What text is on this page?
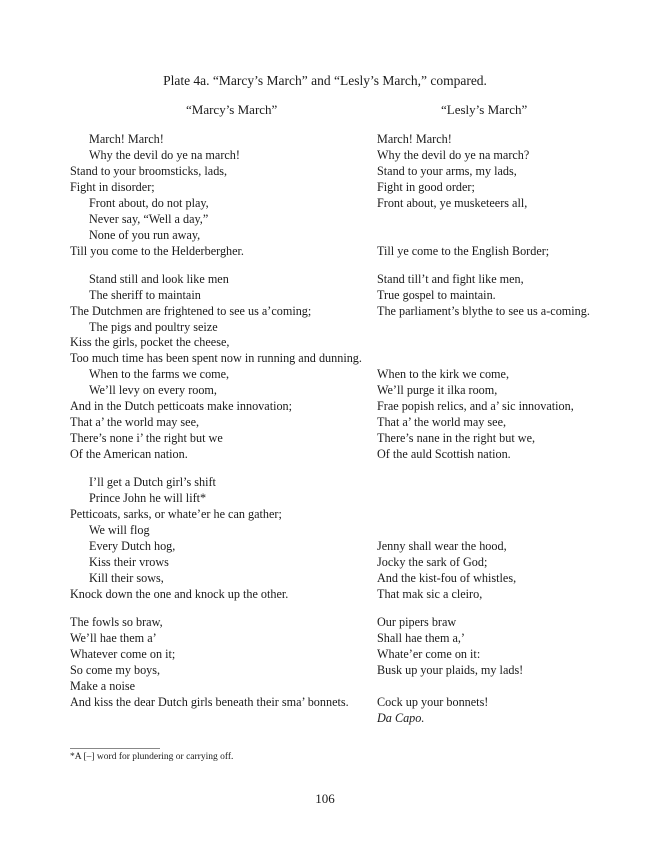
Plate 4a. “Marcy’s March” and “Lesly’s March,” compared.
“Marcy’s March”	“Lesly’s March”
March! March!
Why the devil do ye na march!
Stand to your broomsticks, lads,
Fight in disorder;
Front about, do not play,
Never say, “Well a day,”
None of you run away,
Till you come to the Helderbergher.
Stand still and look like men
The sheriff to maintain
The Dutchmen are frightened to see us a’coming;
The pigs and poultry seize
Kiss the girls, pocket the cheese,
Too much time has been spent now in running and dunning.
When to the farms we come,
We’ll levy on every room,
And in the Dutch petticoats make innovation;
That a’ the world may see,
There’s none i’ the right but we
Of the American nation.
I’ll get a Dutch girl’s shift
Prince John he will lift*
Petticoats, sarks, or whate’er he can gather;
We will flog
Every Dutch hog,
Kiss their vrows
Kill their sows,
Knock down the one and knock up the other.
The fowls so braw,
We’ll hae them a’
Whatever come on it;
So come my boys,
Make a noise
And kiss the dear Dutch girls beneath their sma’ bonnets.
March! March!
Why the devil do ye na march?
Stand to your arms, my lads,
Fight in good order;
Front about, ye musketeers all,
Till ye come to the English Border;
Stand till’t and fight like men,
True gospel to maintain.
The parliament’s blythe to see us a-coming.
When to the kirk we come,
We’ll purge it ilka room,
Frae popish relics, and a’ sic innovation,
That a’ the world may see,
There’s nane in the right but we,
Of the auld Scottish nation.
Jenny shall wear the hood,
Jocky the sark of God;
And the kist-fou of whistles,
That mak sic a cleiro,
Our pipers braw
Shall hae them a,’
Whate’er come on it:
Busk up your plaids, my lads!
Cock up your bonnets!
Da Capo.
*A [–] word for plundering or carrying off.
106
